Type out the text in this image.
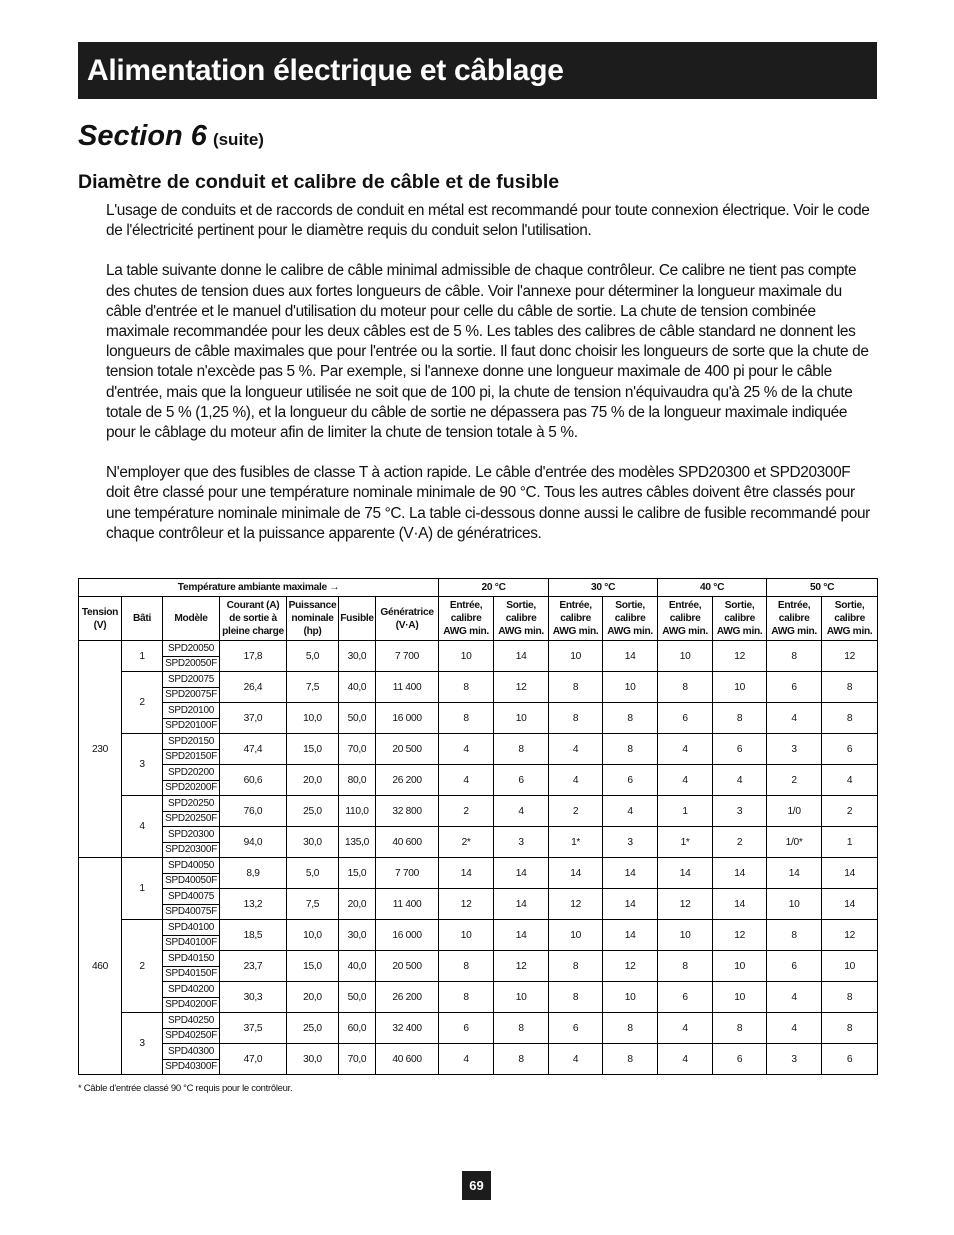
Alimentation électrique et câblage
Section 6 (suite)
Diamètre de conduit et calibre de câble et de fusible

L'usage de conduits et de raccords de conduit en métal est recommandé pour toute connexion électrique. Voir le code de l'électricité pertinent pour le diamètre requis du conduit selon l'utilisation.

La table suivante donne le calibre de câble minimal admissible de chaque contrôleur. Ce calibre ne tient pas compte des chutes de tension dues aux fortes longueurs de câble. Voir l'annexe pour déterminer la longueur maximale du câble d'entrée et le manuel d'utilisation du moteur pour celle du câble de sortie. La chute de tension combinée maximale recommandée pour les deux câbles est de 5 %. Les tables des calibres de câble standard ne donnent les longueurs de câble maximales que pour l'entrée ou la sortie. Il faut donc choisir les longueurs de sorte que la chute de tension totale n'excède pas 5 %. Par exemple, si l'annexe donne une longueur maximale de 400 pi pour le câble d'entrée, mais que la longueur utilisée ne soit que de 100 pi, la chute de tension n'équivaudra qu'à 25 % de la chute totale de 5 % (1,25 %), et la longueur du câble de sortie ne dépassera pas 75 % de la longueur maximale indiquée pour le câblage du moteur afin de limiter la chute de tension totale à 5 %.

N'employer que des fusibles de classe T à action rapide. Le câble d'entrée des modèles SPD20300 et SPD20300F doit être classé pour une température nominale minimale de 90 °C. Tous les autres câbles doivent être classés pour une température nominale minimale de 75 °C. La table ci-dessous donne aussi le calibre de fusible recommandé pour chaque contrôleur et la puissance apparente (V·A) de génératrices.

Température ambiante maximale →							20 °C		30 °C		40 °C		50 °C	
Tension (V)	Bâti	Modèle	Courant (A) de sortie à pleine charge	Puissance nominale (hp)	Fusible	Génératrice (V·A)	Entrée, calibre AWG min.	Sortie, calibre AWG min.	Entrée, calibre AWG min.	Sortie, calibre AWG min.	Entrée, calibre AWG min.	Sortie, calibre AWG min.	Entrée, calibre AWG min.	Sortie, calibre AWG min.
230	1	SPD20050	17,8	5,0	30,0	7 700	10	14	10	14	10	12	8	12
		SPD20050F												
	2	SPD20075	26,4	7,5	40,0	11 400	8	12	8	10	8	10	6	8
		SPD20075F												
		SPD20100	37,0	10,0	50,0	16 000	8	10	8	8	6	8	4	8
		SPD20100F												
	3	SPD20150	47,4	15,0	70,0	20 500	4	8	4	8	4	6	3	6
		SPD20150F												
		SPD20200	60,6	20,0	80,0	26 200	4	6	4	6	4	4	2	4
		SPD20200F												
	4	SPD20250	76,0	25,0	110,0	32 800	2	4	2	4	1	3	1/0	2
		SPD20250F												
		SPD20300	94,0	30,0	135,0	40 600	2*	3	1*	3	1*	2	1/0*	1
		SPD20300F												
460	1	SPD40050	8,9	5,0	15,0	7 700	14	14	14	14	14	14	14	14
		SPD40050F												
		SPD40075	13,2	7,5	20,0	11 400	12	14	12	14	12	14	10	14
		SPD40075F												
	2	SPD40100	18,5	10,0	30,0	16 000	10	14	10	14	10	12	8	12
		SPD40100F												
		SPD40150	23,7	15,0	40,0	20 500	8	12	8	12	8	10	6	10
		SPD40150F												
		SPD40200	30,3	20,0	50,0	26 200	8	10	8	10	6	10	4	8
		SPD40200F												
	3	SPD40250	37,5	25,0	60,0	32 400	6	8	6	8	4	8	4	8
		SPD40250F												
		SPD40300	47,0	30,0	70,0	40 600	4	8	4	8	4	6	3	6
		SPD40300F												
* Câble d'entrée classé 90 °C requis pour le contrôleur.
69
